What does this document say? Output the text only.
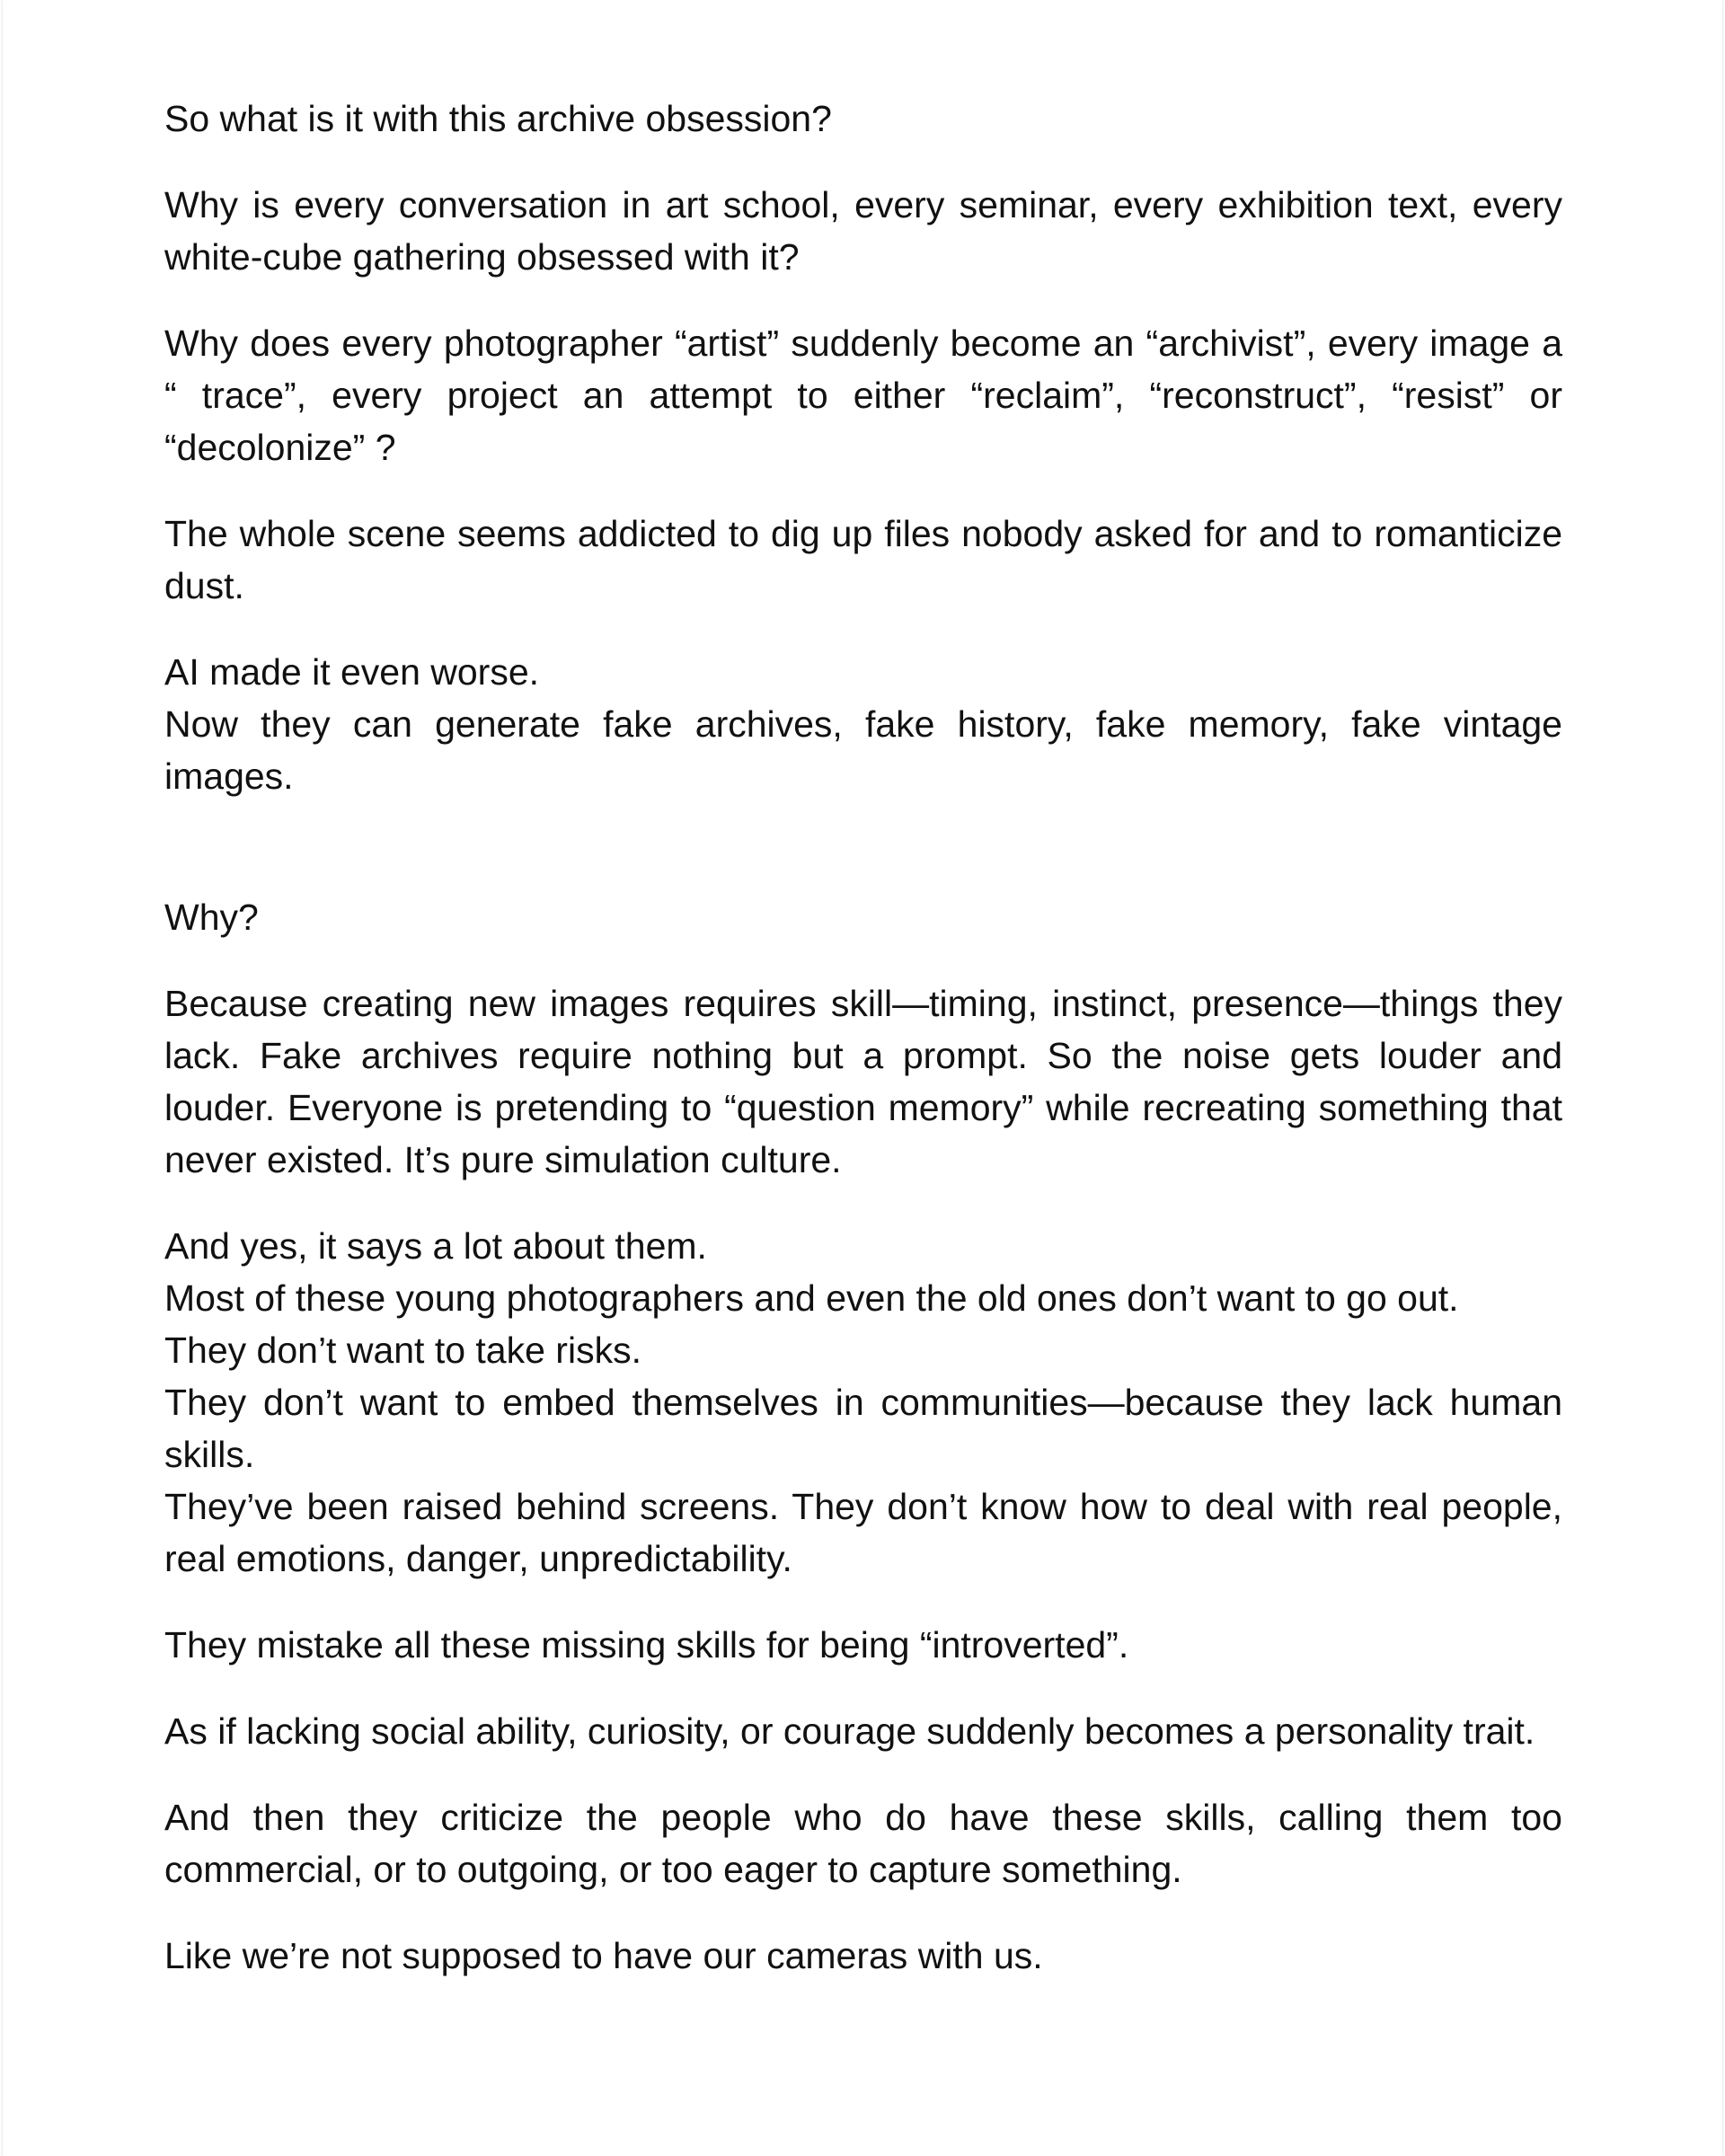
So what is it with this archive obsession?

Why is every conversation in art school, every seminar, every exhibition text, every white-cube gathering obsessed with it?

Why does every photographer “artist” suddenly become an “archivist”, every image a “ trace”, every project an attempt to either “reclaim”, “reconstruct”, “resist” or “decolonize” ?

The whole scene seems addicted to dig up files nobody asked for and to romanticize dust.

AI made it even worse.
Now they can generate fake archives, fake history, fake memory, fake vintage images.

Why?

Because creating new images requires skill—timing, instinct, presence—things they lack. Fake archives require nothing but a prompt. So the noise gets louder and louder. Everyone is pretending to “question memory” while recreating something that never existed. It’s pure simulation culture.

And yes, it says a lot about them.
Most of these young photographers and even the old ones don’t want to go out.
They don’t want to take risks.
They don’t want to embed themselves in communities—because they lack human skills.
They’ve been raised behind screens. They don’t know how to deal with real people, real emotions, danger, unpredictability.

They mistake all these missing skills for being “introverted”.

As if lacking social ability, curiosity, or courage suddenly becomes a personality trait.

And then they criticize the people who do have these skills, calling them too commercial, or to outgoing, or too eager to capture something.

Like we’re not supposed to have our cameras with us.
